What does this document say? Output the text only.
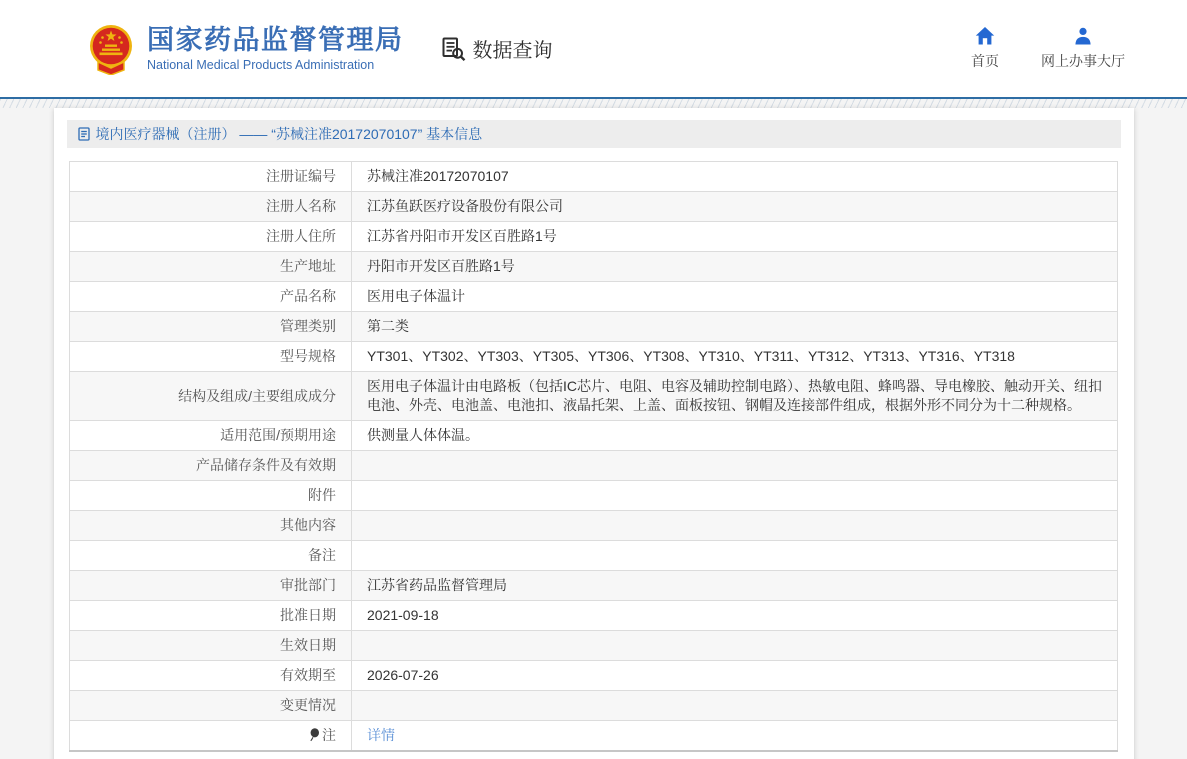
国家药品监督管理局
National Medical Products Administration
数据查询	首页	网上办事大厅
境内医疗器械（注册） —— “苏械注准20172070107” 基本信息
注册证编号	苏械注准20172070107
注册人名称	江苏鱼跃医疗设备股份有限公司
注册人住所	江苏省丹阳市开发区百胜路1号
生产地址	丹阳市开发区百胜路1号
产品名称	医用电子体温计
管理类别	第二类
型号规格	YT301、YT302、YT303、YT305、YT306、YT308、YT310、YT311、YT312、YT313、YT316、YT318
结构及组成/主要组成成分	医用电子体温计由电路板（包括IC芯片、电阻、电容及辅助控制电路）、热敏电阻、蜂鸣器、导电橡胶、触动开关、纽扣电池、外壳、电池盖、电池扣、液晶托架、上盖、面板按钮、钢帽及连接部件组成，根据外形不同分为十二种规格。
适用范围/预期用途	供测量人体体温。
产品储存条件及有效期	
附件	
其他内容	
备注	
审批部门	江苏省药品监督管理局
批准日期	2021-09-18
生效日期	
有效期至	2026-07-26
变更情况	
注	详情
